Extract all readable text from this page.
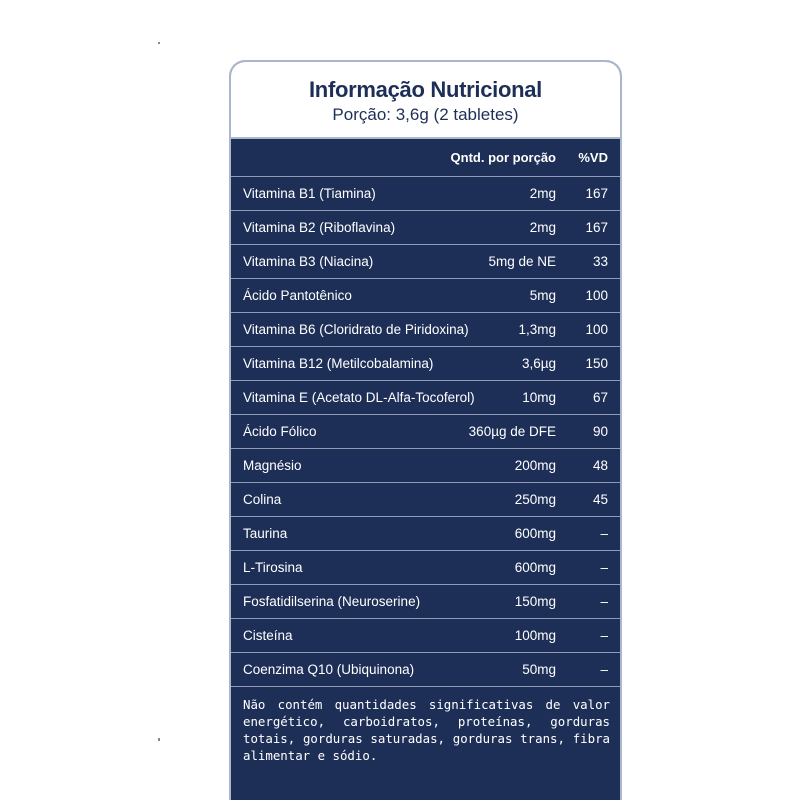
Informação Nutricional
Porção: 3,6g (2 tabletes)
Qntd. por porção %VD
Vitamina B1 (Tiamina)	2mg 167
Vitamina B2 (Riboflavina)	2mg 167
Vitamina B3 (Niacina)	5mg de NE	33
Ácido Pantotênico	5mg 100
Vitamina B6 (Cloridrato de Piridoxina)	1,3mg 100
Vitamina B12 (Metilcobalamina)	3,6µg 150
Vitamina E (Acetato DL-Alfa-Tocoferol)	10mg	67
Ácido Fólico	360µg de DFE	90
Magnésio	200mg	48
Colina	250mg	45
Taurina	600mg	–
L-Tirosina	600mg	–
Fosfatidilserina (Neuroserine)	150mg	–
Cisteína	100mg	–
Coenzima Q10 (Ubiquinona)	50mg	–
Não contém quantidades significativas de valor energético, carboidratos, proteínas, gorduras totais, gorduras saturadas, gorduras trans, fibra alimentar e sódio.
